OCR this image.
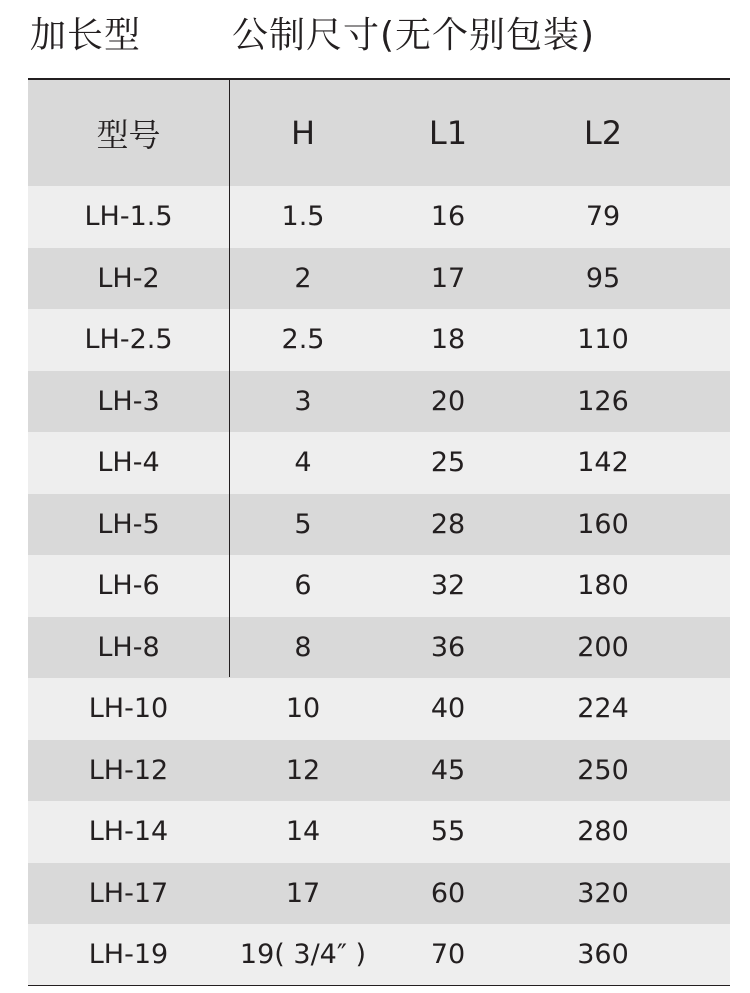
加长型	公制尺寸(无个别包装)
型号	H	L1	L2
LH-1.5	1.5	16	79
LH-2	2	17	95
LH-2.5	2.5	18	110
LH-3	3	20	126
LH-4	4	25	142
LH-5	5	28	160
LH-6	6	32	180
LH-8	8	36	200
LH-10	10	40	224
LH-12	12	45	250
LH-14	14	55	280
LH-17	17	60	320
LH-19	19( 3/4″ )	70	360
